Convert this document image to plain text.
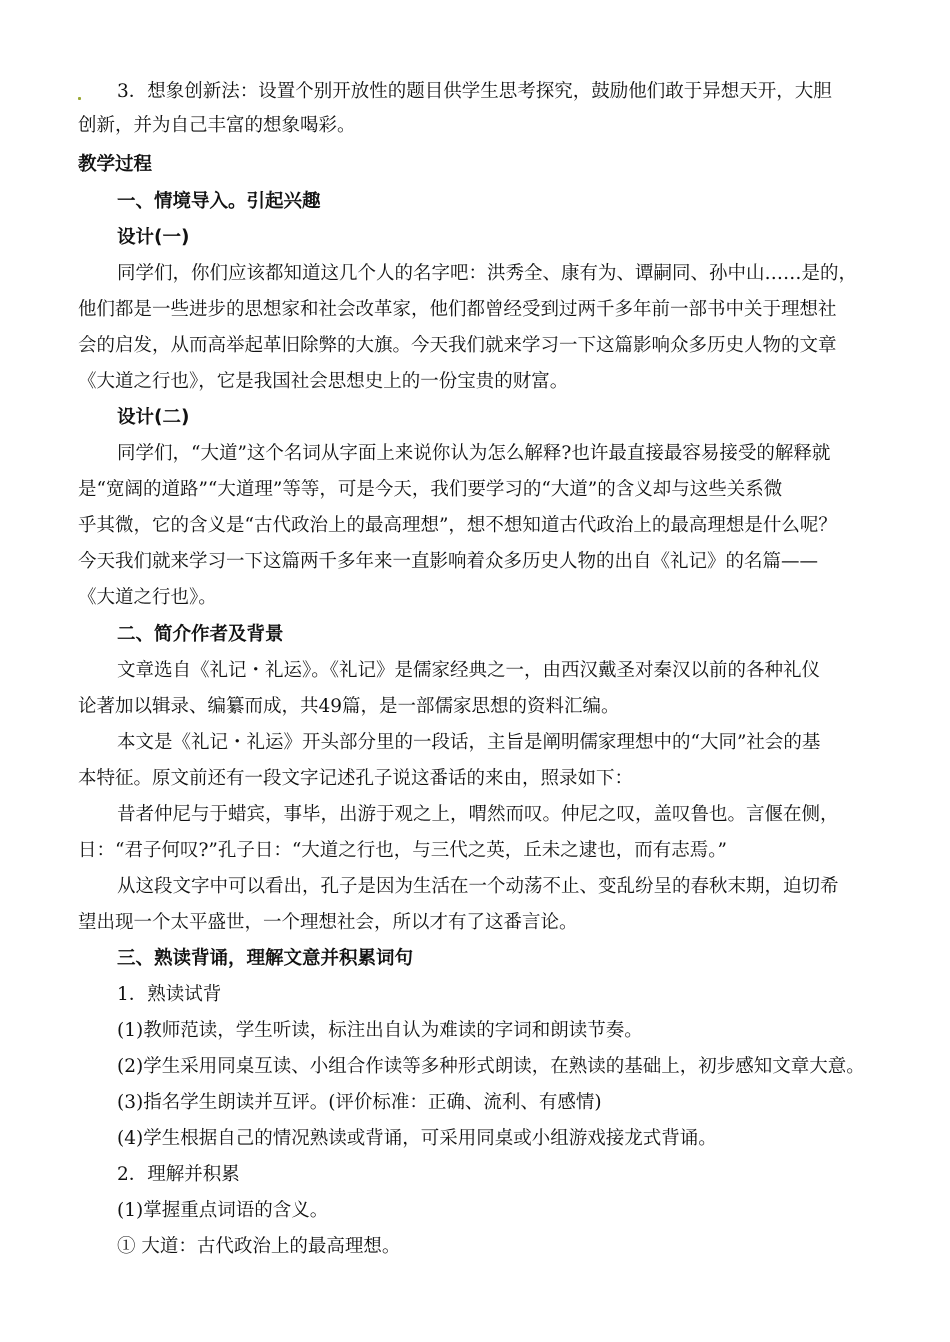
3．想象创新法：设置个别开放性的题目供学生思考探究，鼓励他们敢于异想天开，大胆
创新，并为自己丰富的想象喝彩。
教学过程
一、情境导入。引起兴趣
设计(一)
同学们，你们应该都知道这几个人的名字吧：洪秀全、康有为、谭嗣同、孙中山……是的，
他们都是一些进步的思想家和社会改革家，他们都曾经受到过两千多年前一部书中关于理想社
会的启发，从而高举起革旧除弊的大旗。今天我们就来学习一下这篇影响众多历史人物的文章
《大道之行也》，它是我国社会思想史上的一份宝贵的财富。
设计(二)
同学们，“大道”这个名词从字面上来说你认为怎么解释?也许最直接最容易接受的解释就
是“宽阔的道路”“大道理”等等，可是今天，我们要学习的“大道”的含义却与这些关系微
乎其微，它的含义是“古代政治上的最高理想”，想不想知道古代政治上的最高理想是什么呢？
今天我们就来学习一下这篇两千多年来一直影响着众多历史人物的出自《礼记》的名篇——
《大道之行也》。
二、简介作者及背景
文章选自《礼记・礼运》。《礼记》是儒家经典之一，由西汉戴圣对秦汉以前的各种礼仪
论著加以辑录、编纂而成，共49篇，是一部儒家思想的资料汇编。
本文是《礼记・礼运》开头部分里的一段话，主旨是阐明儒家理想中的“大同”社会的基
本特征。原文前还有一段文字记述孔子说这番话的来由，照录如下：
昔者仲尼与于蜡宾，事毕，出游于观之上，喟然而叹。仲尼之叹，盖叹鲁也。言偃在侧，
日：“君子何叹?”孔子日：“大道之行也，与三代之英，丘未之逮也，而有志焉。”
从这段文字中可以看出，孔子是因为生活在一个动荡不止、变乱纷呈的春秋末期，迫切希
望出现一个太平盛世，一个理想社会，所以才有了这番言论。
三、熟读背诵，理解文意并积累词句
1．熟读试背
(1)教师范读，学生听读，标注出自认为难读的字词和朗读节奏。
(2)学生采用同桌互读、小组合作读等多种形式朗读，在熟读的基础上，初步感知文章大意。
(3)指名学生朗读并互评。(评价标准：正确、流利、有感情)
(4)学生根据自己的情况熟读或背诵，可采用同桌或小组游戏接龙式背诵。
2．理解并积累
(1)掌握重点词语的含义。
① 大道：古代政治上的最高理想。
